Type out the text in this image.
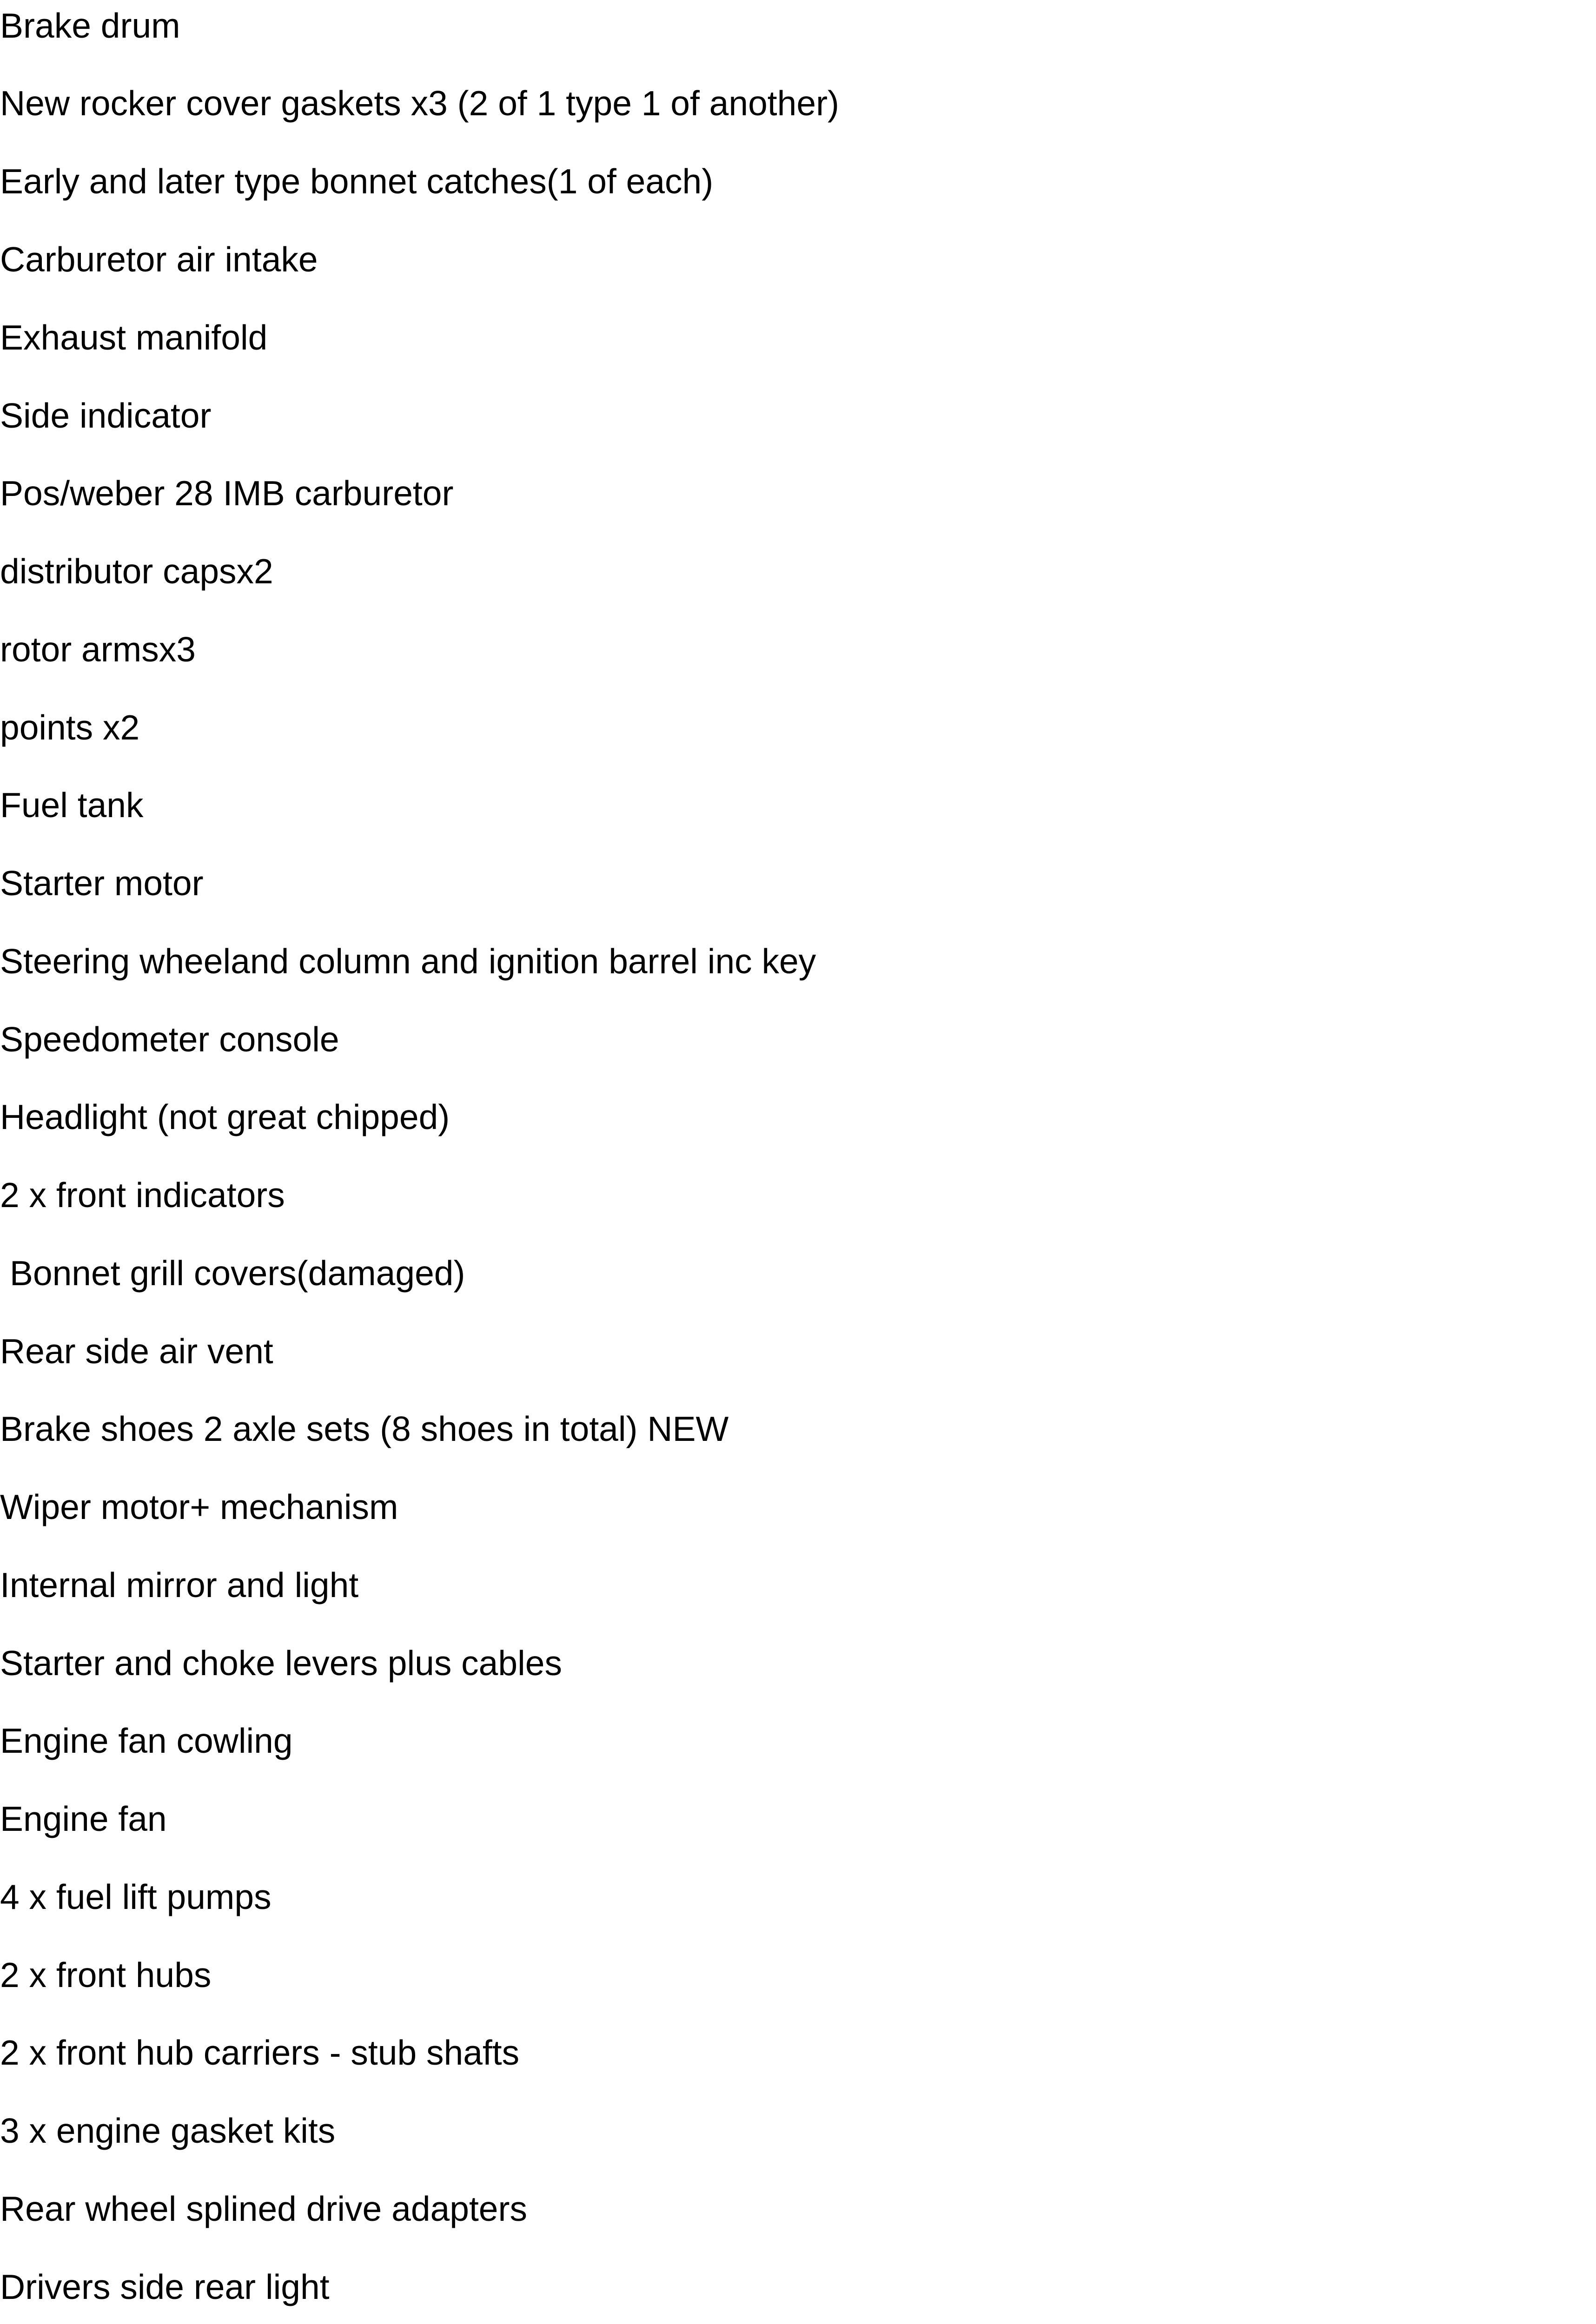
Brake drum
New rocker cover gaskets x3 (2 of 1 type 1 of another)
Early and later type bonnet catches(1 of each)
Carburetor air intake
Exhaust manifold
Side indicator
Pos/weber 28 IMB carburetor
distributor capsx2
rotor armsx3
points x2
Fuel tank
Starter motor
Steering wheeland column and ignition barrel inc key
Speedometer console
Headlight (not great chipped)
2 x front indicators
Bonnet grill covers(damaged)
Rear side air vent
Brake shoes 2 axle sets (8 shoes in total) NEW
Wiper motor+ mechanism
Internal mirror and light
Starter and choke levers plus cables
Engine fan cowling
Engine fan
4 x fuel lift pumps
2 x front hubs
2 x front hub carriers - stub shafts
3 x engine gasket kits
Rear wheel splined drive adapters
Drivers side rear light
